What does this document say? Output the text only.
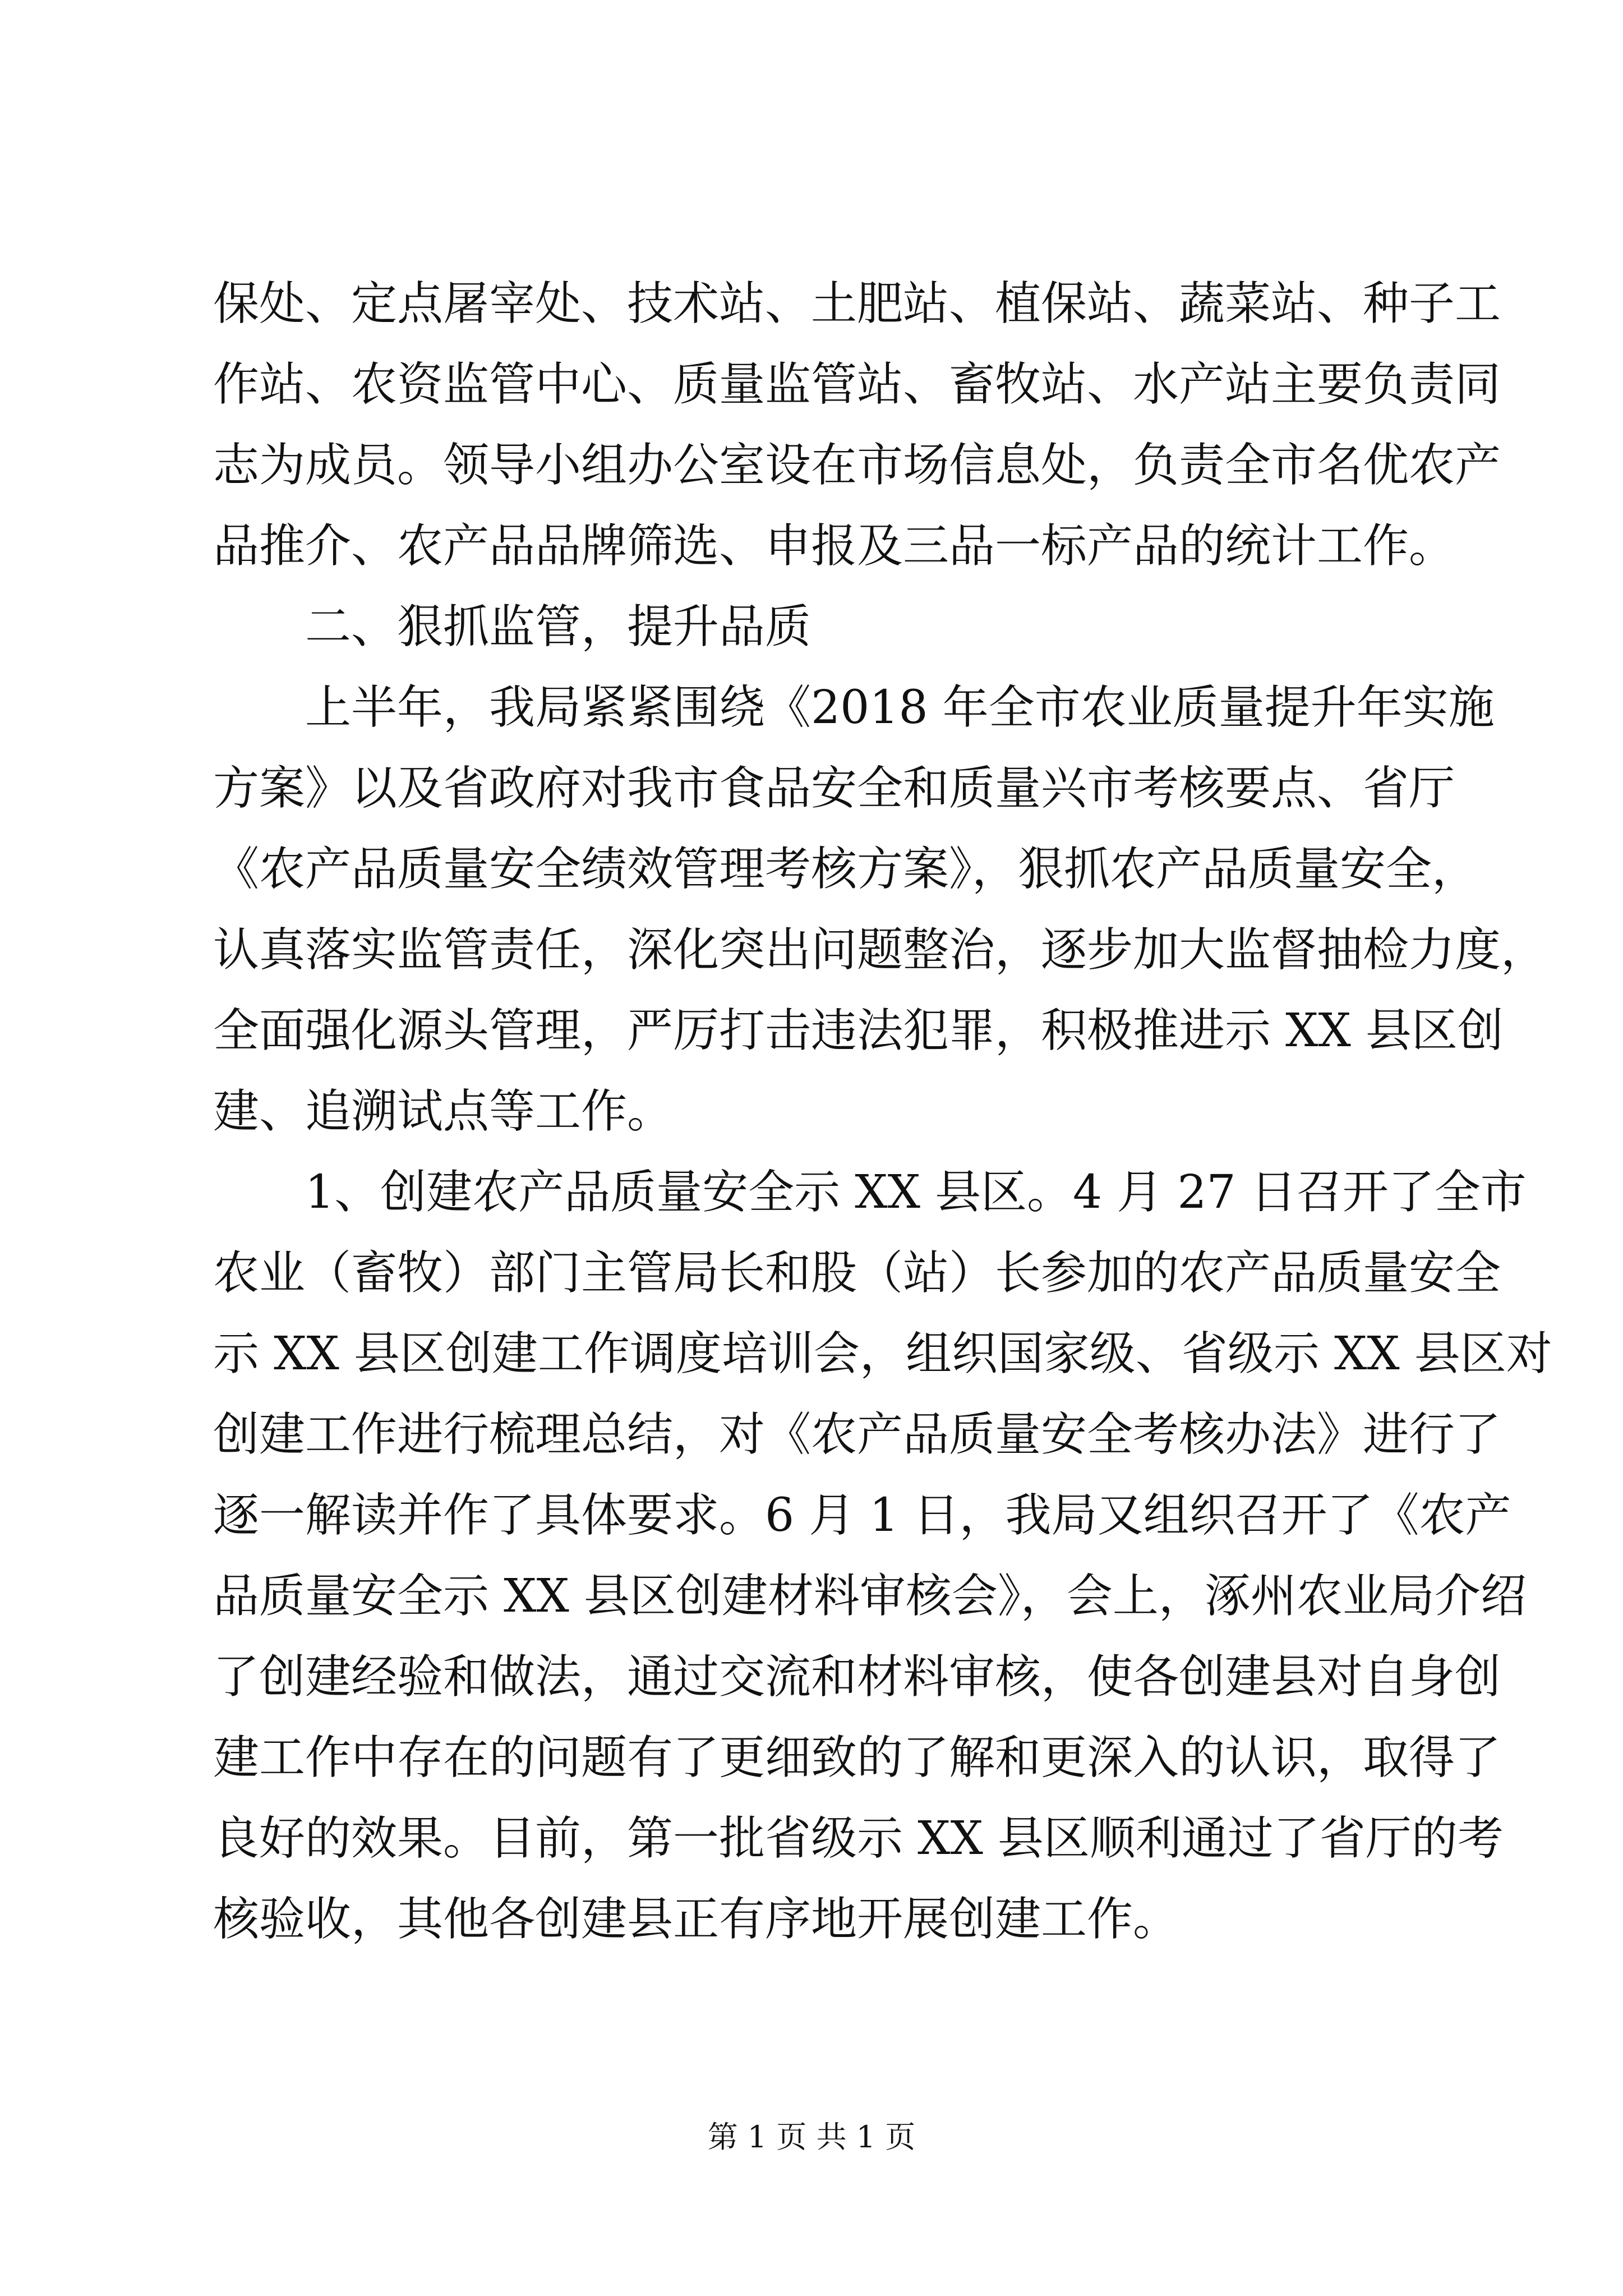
保处、定点屠宰处、技术站、土肥站、植保站、蔬菜站、种子工
作站、农资监管中心、质量监管站、畜牧站、水产站主要负责同
志为成员。领导小组办公室设在市场信息处，负责全市名优农产
品推介、农产品品牌筛选、申报及三品一标产品的统计工作。
二、狠抓监管，提升品质
上半年，我局紧紧围绕《2018 年全市农业质量提升年实施
方案》以及省政府对我市食品安全和质量兴市考核要点、省厅
《农产品质量安全绩效管理考核方案》，狠抓农产品质量安全，
认真落实监管责任，深化突出问题整治，逐步加大监督抽检力度，
全面强化源头管理，严厉打击违法犯罪，积极推进示 XX 县区创
建、追溯试点等工作。
1、创建农产品质量安全示 XX 县区。4 月 27 日召开了全市
农业（畜牧）部门主管局长和股（站）长参加的农产品质量安全
示 XX 县区创建工作调度培训会，组织国家级、省级示 XX 县区对
创建工作进行梳理总结，对《农产品质量安全考核办法》进行了
逐一解读并作了具体要求。6 月 1 日，我局又组织召开了《农产
品质量安全示 XX 县区创建材料审核会》，会上，涿州农业局介绍
了创建经验和做法，通过交流和材料审核，使各创建县对自身创
建工作中存在的问题有了更细致的了解和更深入的认识，取得了
良好的效果。目前，第一批省级示 XX 县区顺利通过了省厅的考
核验收，其他各创建县正有序地开展创建工作。
第 1 页 共 1 页
